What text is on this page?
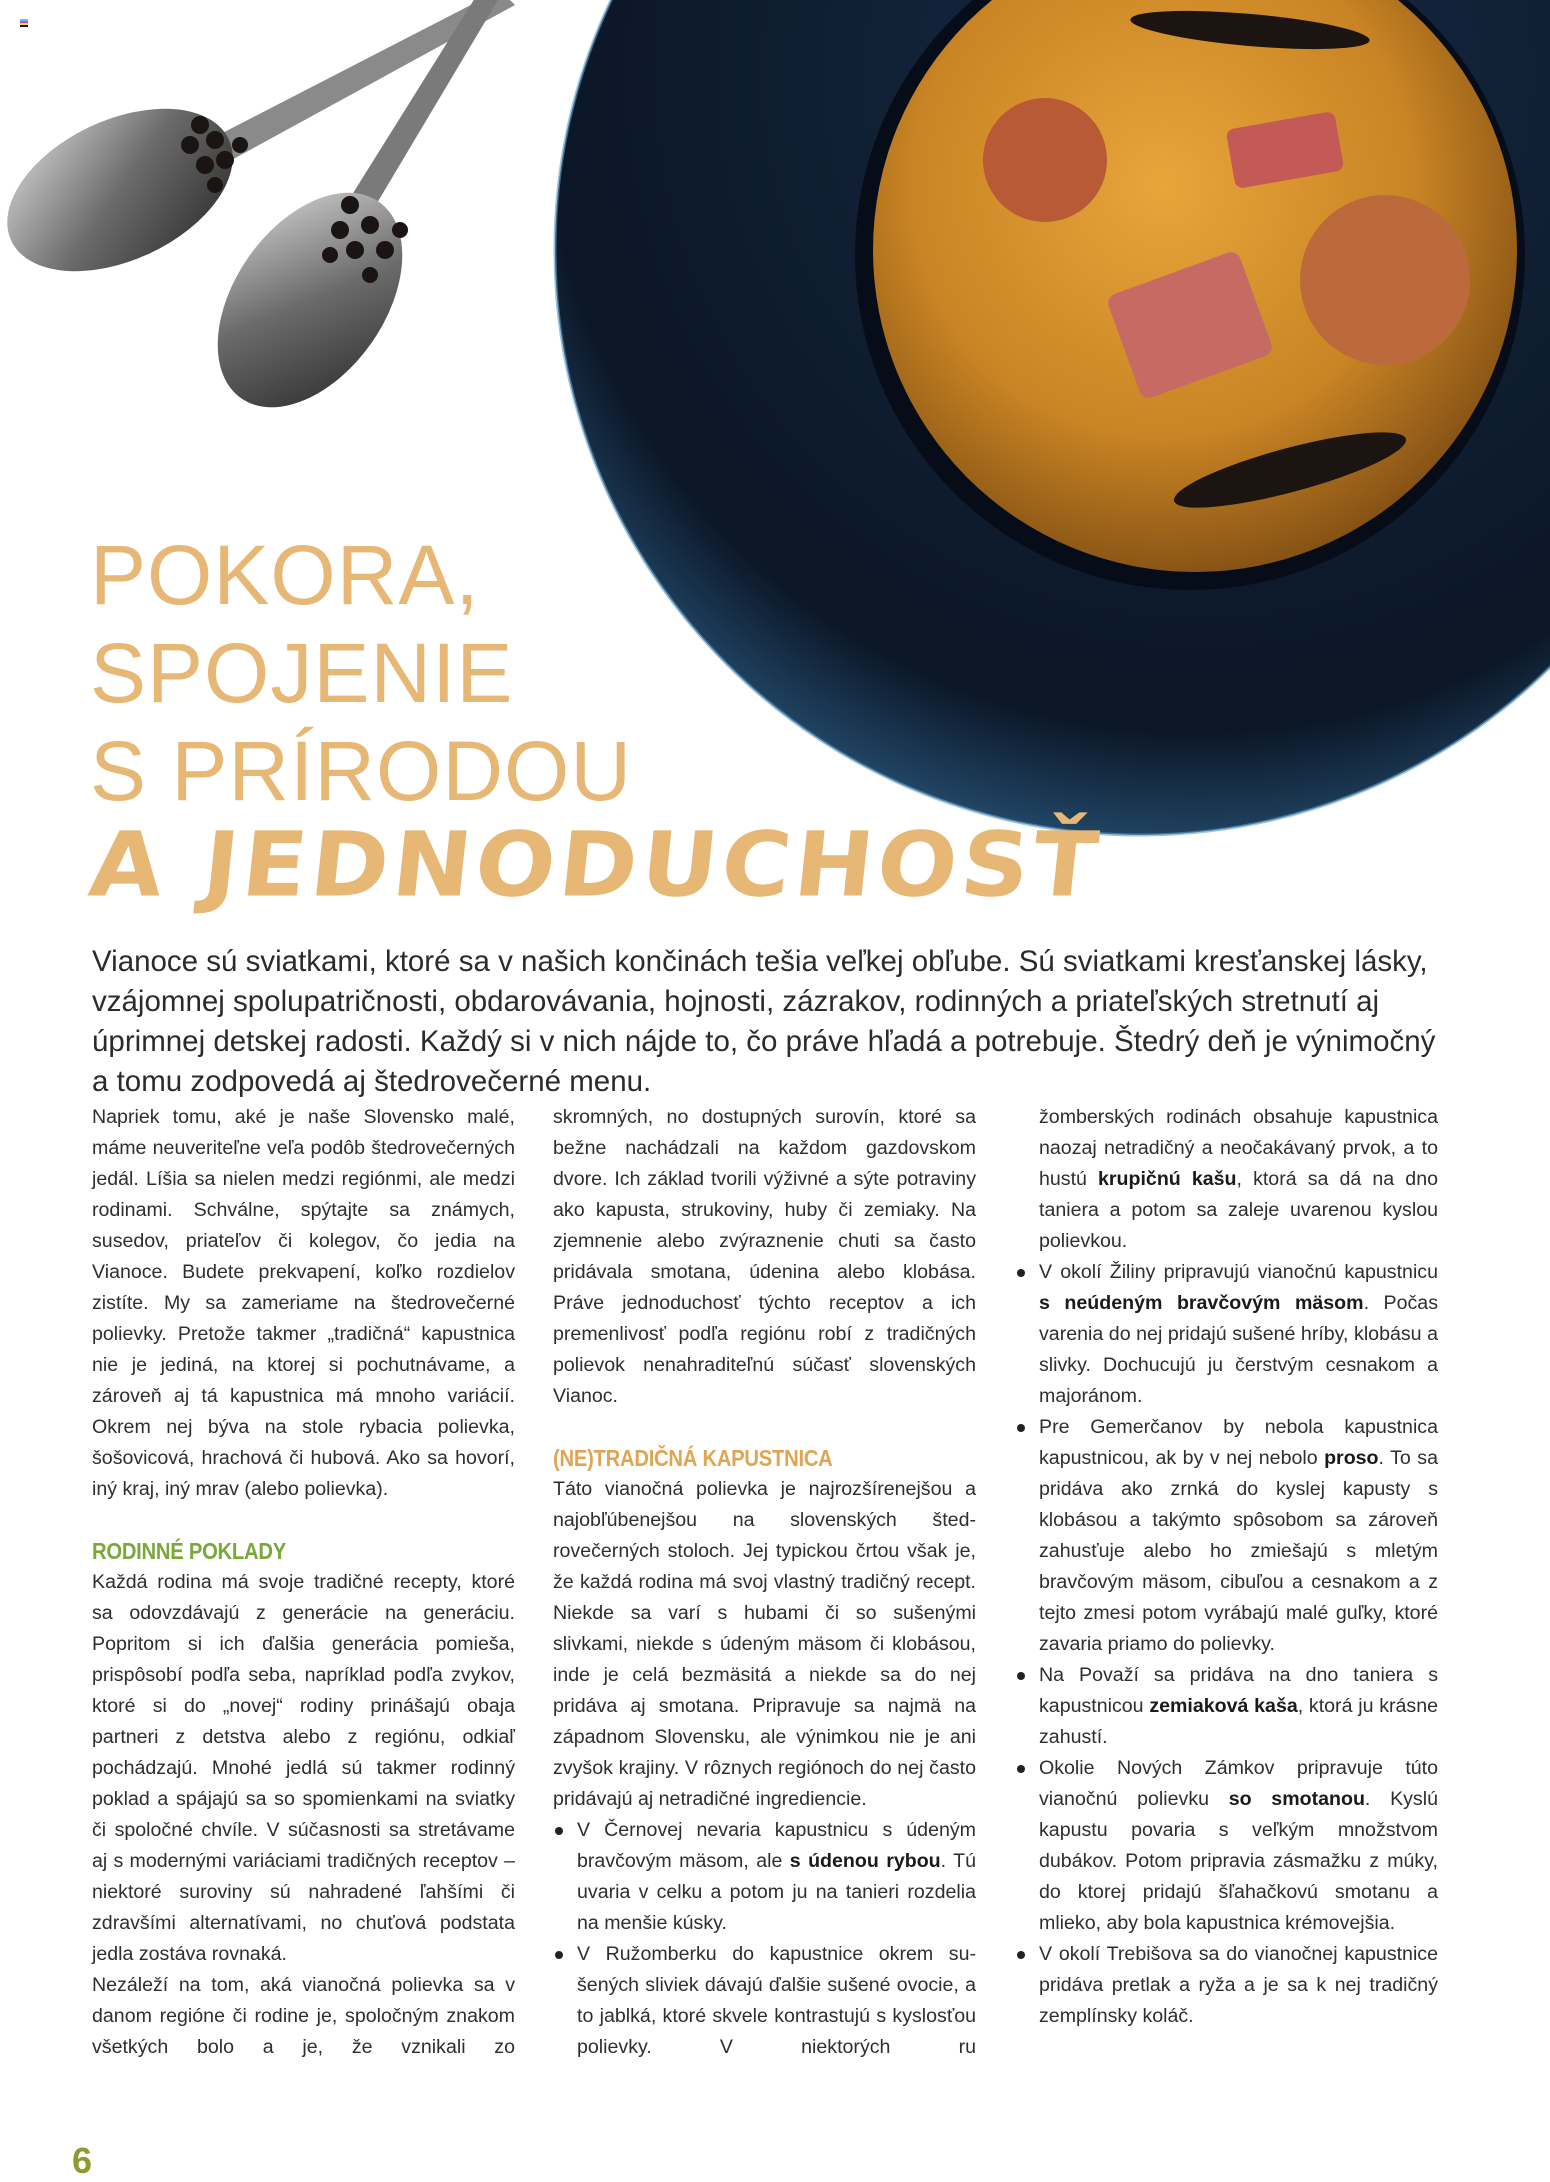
POKORA,
SPOJENIE
S PRÍRODOU
A JEDNODUCHOSŤ

Vianoce sú sviatkami, ktoré sa v našich končinách tešia veľkej obľube. Sú sviatkami kresťanskej lásky, vzájomnej spolupatričnosti, obdarovávania, hojnosti, zázrakov, rodinných a priateľských stretnutí aj úprimnej detskej radosti. Každý si v nich nájde to, čo práve hľadá a potrebuje. Štedrý deň je výnimočný a tomu zodpovedá aj štedrovečerné menu.

Napriek tomu, aké je naše Slovensko malé, máme neuveriteľne veľa podôb štedrovečerných jedál. Líšia sa nielen medzi regiónmi, ale medzi rodinami. Schválne, spýtajte sa známych, susedov, priateľov či kolegov, čo jedia na Vianoce. Budete prekvapení, koľko rozdielov zistíte. My sa zameriame na štedrovečerné polievky. Pretože takmer „tradičná“ kapustnica nie je jediná, na ktorej si pochutnávame, a zároveň aj tá kapustnica má mnoho variácií. Okrem nej býva na stole rybacia polievka, šošovicová, hrachová či hubová. Ako sa hovorí, iný kraj, iný mrav (alebo polievka).

RODINNÉ POKLADY

Každá rodina má svoje tradičné recepty, ktoré sa odovzdávajú z generácie na generáciu. Popritom si ich ďalšia generácia pomieša, prispôsobí podľa seba, napríklad podľa zvykov, ktoré si do „novej“ rodiny prinášajú obaja partneri z detstva alebo z regiónu, odkiaľ pochádzajú. Mnohé jedlá sú takmer rodinný poklad a spájajú sa so spomienkami na sviatky či spoločné chvíle. V súčasnosti sa stretávame aj s modernými variáciami tradičných receptov – niektoré suroviny sú nahradené ľahšími či zdravšími alternatívami, no chuťová podstata jedla zostáva rovnaká.

Nezáleží na tom, aká vianočná polievka sa v danom regióne či rodine je, spoločným znakom všetkých bolo a je, že vznikali zo

skromných, no dostupných surovín, ktoré sa bežne nachádzali na každom gazdovskom dvore. Ich základ tvorili výživné a sýte potraviny ako kapusta, strukoviny, huby či zemiaky. Na zjemnenie alebo zvýraznenie chuti sa často pridávala smotana, údenina alebo klobása. Práve jednoduchosť týchto receptov a ich premenlivosť podľa regiónu robí z tradičných polievok nenahraditeľnú súčasť slovenských Vianoc.

(NE)TRADIČNÁ KAPUSTNICA

Táto vianočná polievka je najrozšírenejšou a najobľúbenejšou na slovenských štedrovečerných stoloch. Jej typickou črtou však je, že každá rodina má svoj vlastný tradičný recept. Niekde sa varí s hubami či so sušenými slivkami, niekde s údeným mäsom či klobásou, inde je celá bezmäsitá a niekde sa do nej pridáva aj smotana. Pripravuje sa najmä na západnom Slovensku, ale výnimkou nie je ani zvyšok krajiny. V rôznych regiónoch do nej často pridávajú aj netradičné ingrediencie.

V Černovej nevaria kapustnicu s údeným bravčovým mäsom, ale s údenou rybou. Tú uvaria v celku a potom ju na tanieri rozdelia na menšie kúsky.
V Ružomberku do kapustnice okrem sušených sliviek dávajú ďalšie sušené ovocie, a to jablká, ktoré skvele kontrastujú s kyslosťou polievky. V niektorých ru
žomberských rodinách obsahuje kapustnica naozaj netradičný a neočakávaný prvok, a to hustú krupičnú kašu, ktorá sa dá na dno taniera a potom sa zaleje uvarenou kyslou polievkou.
V okolí Žiliny pripravujú vianočnú kapustnicu s neúdeným bravčovým mäsom. Počas varenia do nej pridajú sušené hríby, klobásu a slivky. Dochucujú ju čerstvým cesnakom a majoránom.
Pre Gemerčanov by nebola kapustnica kapustnicou, ak by v nej nebolo proso. To sa pridáva ako zrnká do kyslej kapusty s klobásou a takýmto spôsobom sa zároveň zahusťuje alebo ho zmiešajú s mletým bravčovým mäsom, cibuľou a cesnakom a z tejto zmesi potom vyrábajú malé guľky, ktoré zavaria priamo do polievky.
Na Považí sa pridáva na dno taniera s kapustnicou zemiaková kaša, ktorá ju krásne zahustí.
Okolie Nových Zámkov pripravuje túto vianočnú polievku so smotanou. Kyslú kapustu povaria s veľkým množstvom dubákov. Potom pripravia zásmažku z múky, do ktorej pridajú šľahačkovú smotanu a mlieko, aby bola kapustnica krémovejšia.
V okolí Trebišova sa do vianočnej kapustnice pridáva pretlak a ryža a je sa k nej tradičný zemplínsky koláč.
6
